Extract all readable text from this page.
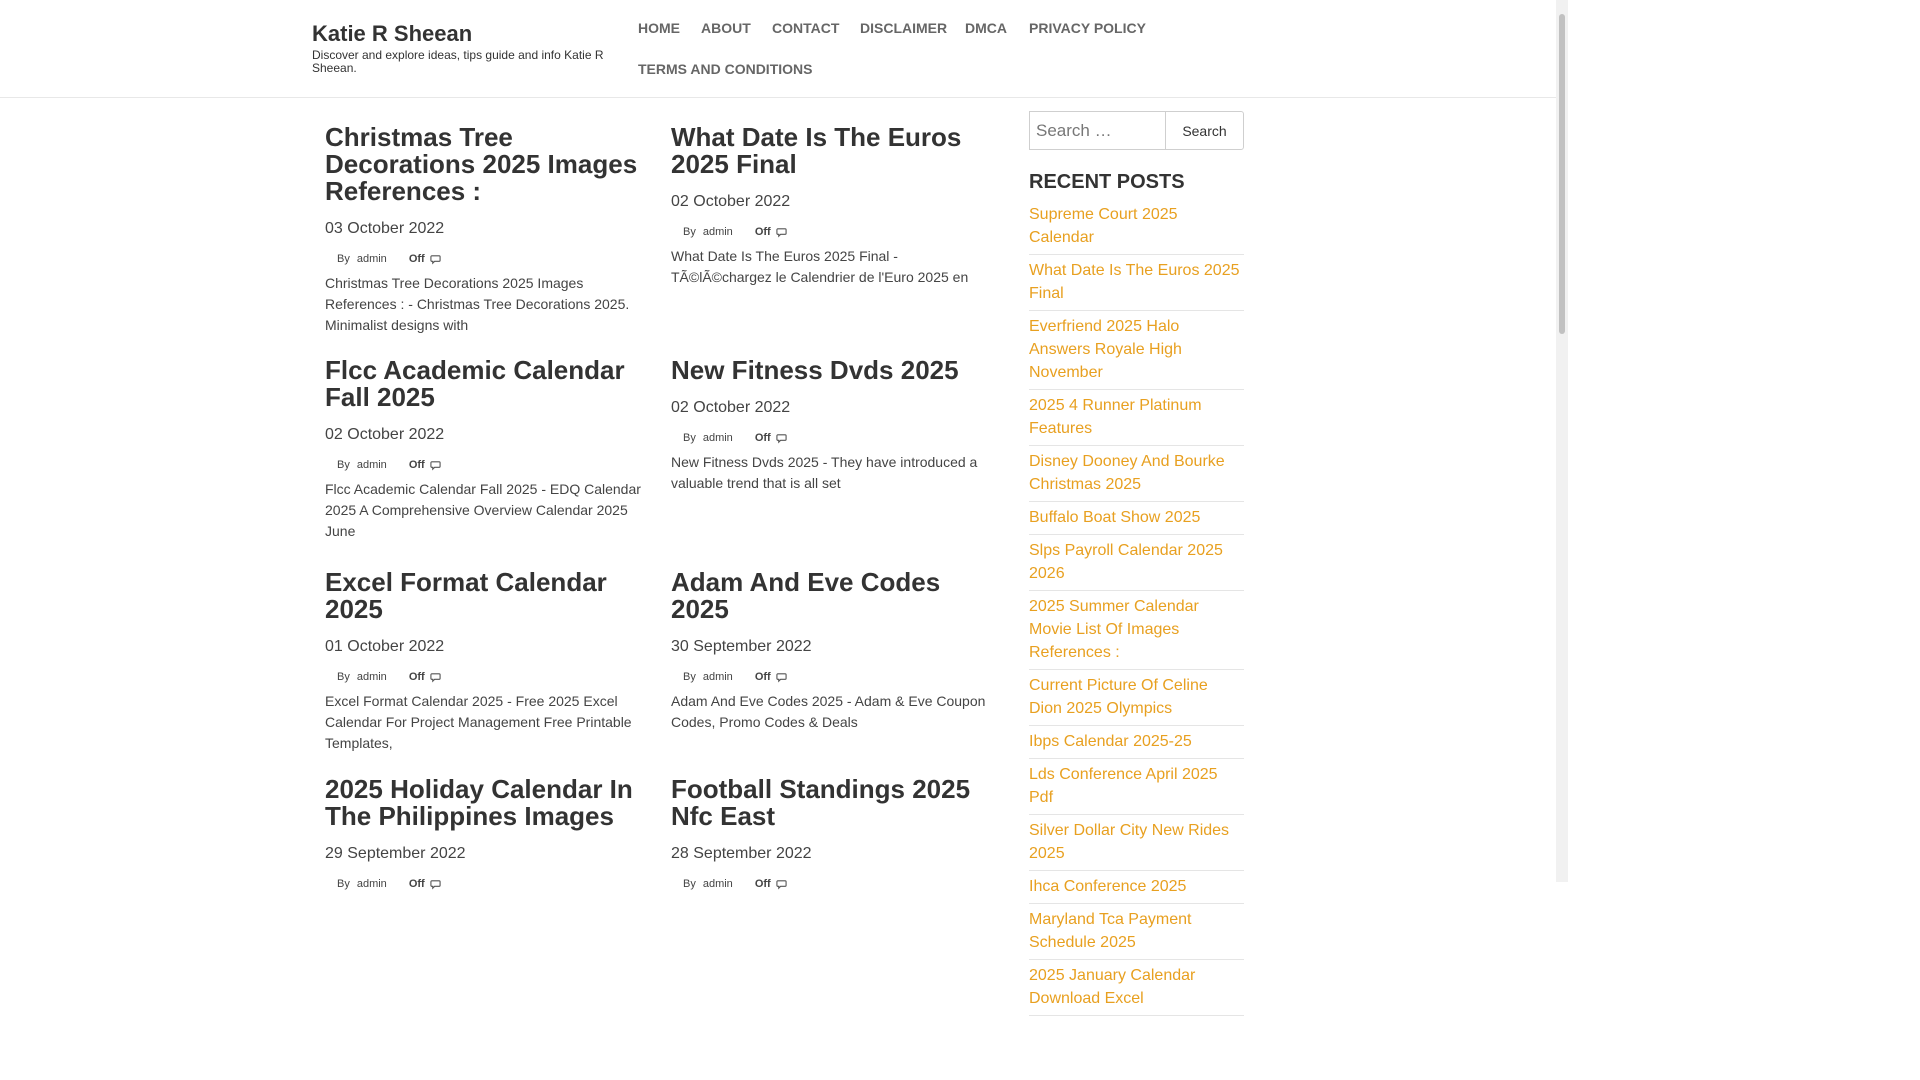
Katie R Sheean
Discover and explore ideas, tips guide and info Katie R Sheean.
HOME	ABOUT	CONTACT	DISCLAIMER	DMCA	PRIVACY POLICY
TERMS AND CONDITIONS
Christmas Tree Decorations 2025 Images References :
03 October 2022
By admin Off
Christmas Tree Decorations 2025 Images References : - Christmas Tree Decorations 2025. Minimalist designs with
What Date Is The Euros 2025 Final
02 October 2022
By admin Off
What Date Is The Euros 2025 Final - TÃ©lÃ©chargez le Calendrier de l'Euro 2025 en
Flcc Academic Calendar Fall 2025
02 October 2022
By admin Off
Flcc Academic Calendar Fall 2025 - EDQ Calendar 2025 A Comprehensive Overview Calendar 2025 June
New Fitness Dvds 2025
02 October 2022
By admin Off
New Fitness Dvds 2025 - They have introduced a valuable trend that is all set
Excel Format Calendar 2025
01 October 2022
By admin Off
Excel Format Calendar 2025 - Free 2025 Excel Calendar For Project Management Free Printable Templates,
Adam And Eve Codes 2025
30 September 2022
By admin Off
Adam And Eve Codes 2025 - Adam & Eve Coupon Codes, Promo Codes & Deals
2025 Holiday Calendar In The Philippines Images
29 September 2022
By admin Off
Football Standings 2025 Nfc East
28 September 2022
By admin Off
Search …
Search
RECENT POSTS
Supreme Court 2025 Calendar
What Date Is The Euros 2025 Final
Everfriend 2025 Halo Answers Royale High November
2025 4 Runner Platinum Features
Disney Dooney And Bourke Christmas 2025
Buffalo Boat Show 2025
Slps Payroll Calendar 2025 2026
2025 Summer Calendar Movie List Of Images References :
Current Picture Of Celine Dion 2025 Olympics
Ibps Calendar 2025-25
Lds Conference April 2025 Pdf
Silver Dollar City New Rides 2025
Ihca Conference 2025
Maryland Tca Payment Schedule 2025
2025 January Calendar Download Excel
